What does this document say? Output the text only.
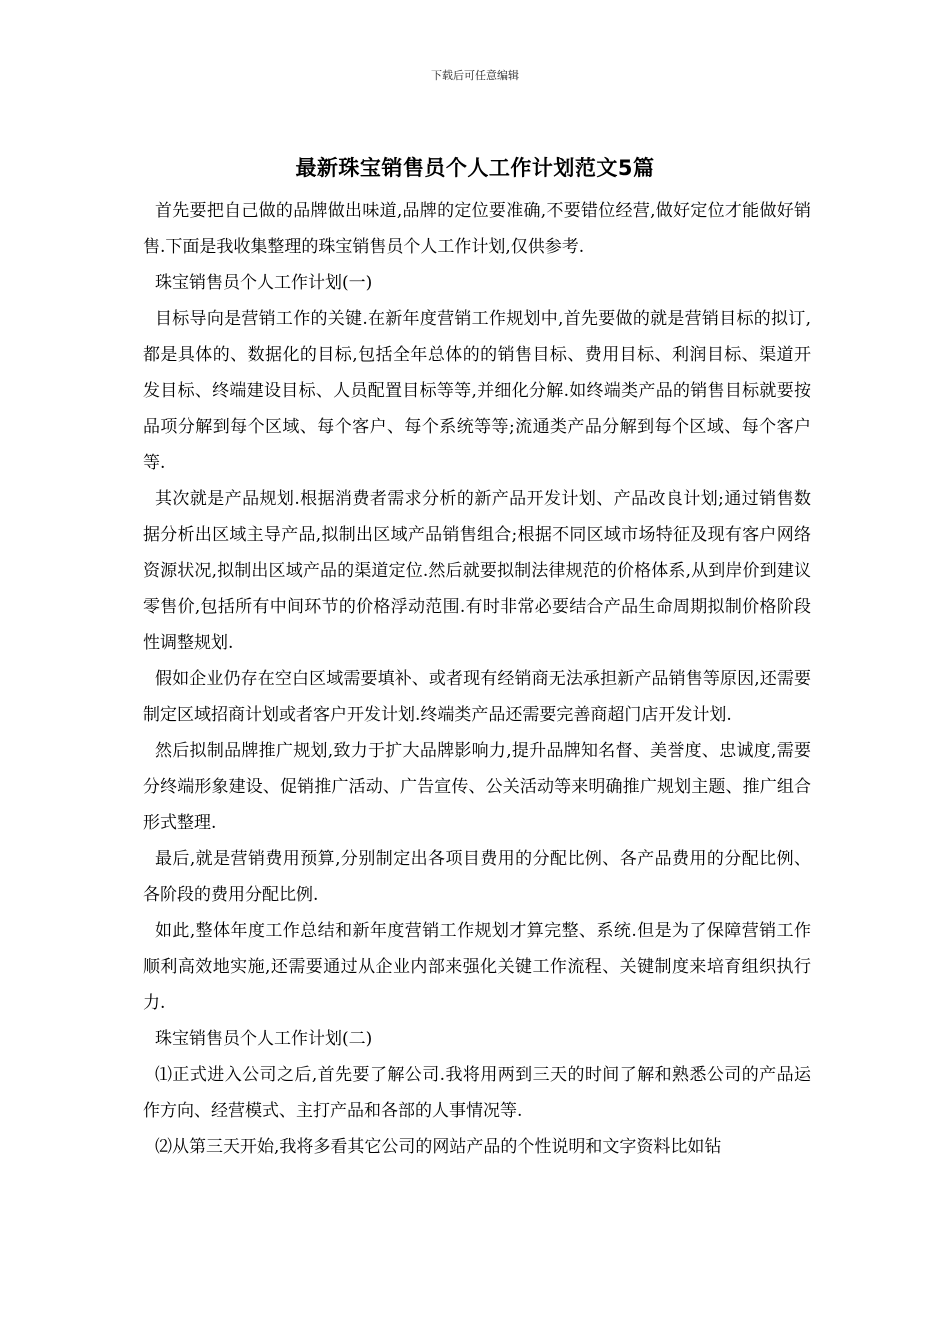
下载后可任意编辑
最新珠宝销售员个人工作计划范文5篇

首先要把自己做的品牌做出味道,品牌的定位要准确,不要错位经营,做好定位才能做好销售.下面是我收集整理的珠宝销售员个人工作计划,仅供参考.

珠宝销售员个人工作计划(一)

目标导向是营销工作的关键.在新年度营销工作规划中,首先要做的就是营销目标的拟订,都是具体的、数据化的目标,包括全年总体的的销售目标、费用目标、利润目标、渠道开发目标、终端建设目标、人员配置目标等等,并细化分解.如终端类产品的销售目标就要按品项分解到每个区域、每个客户、每个系统等等;流通类产品分解到每个区域、每个客户等.

其次就是产品规划.根据消费者需求分析的新产品开发计划、产品改良计划;通过销售数据分析出区域主导产品,拟制出区域产品销售组合;根据不同区域市场特征及现有客户网络资源状况,拟制出区域产品的渠道定位.然后就要拟制法律规范的价格体系,从到岸价到建议零售价,包括所有中间环节的价格浮动范围.有时非常必要结合产品生命周期拟制价格阶段性调整规划.

假如企业仍存在空白区域需要填补、或者现有经销商无法承担新产品销售等原因,还需要制定区域招商计划或者客户开发计划.终端类产品还需要完善商超门店开发计划.

然后拟制品牌推广规划,致力于扩大品牌影响力,提升品牌知名督、美誉度、忠诚度,需要分终端形象建设、促销推广活动、广告宣传、公关活动等来明确推广规划主题、推广组合形式整理.

最后,就是营销费用预算,分别制定出各项目费用的分配比例、各产品费用的分配比例、各阶段的费用分配比例.

如此,整体年度工作总结和新年度营销工作规划才算完整、系统.但是为了保障营销工作顺利高效地实施,还需要通过从企业内部来强化关键工作流程、关键制度来培育组织执行力.

珠宝销售员个人工作计划(二)

⑴正式进入公司之后,首先要了解公司.我将用两到三天的时间了解和熟悉公司的产品运作方向、经营模式、主打产品和各部的人事情况等.

⑵从第三天开始,我将多看其它公司的网站产品的个性说明和文字资料比如钻
